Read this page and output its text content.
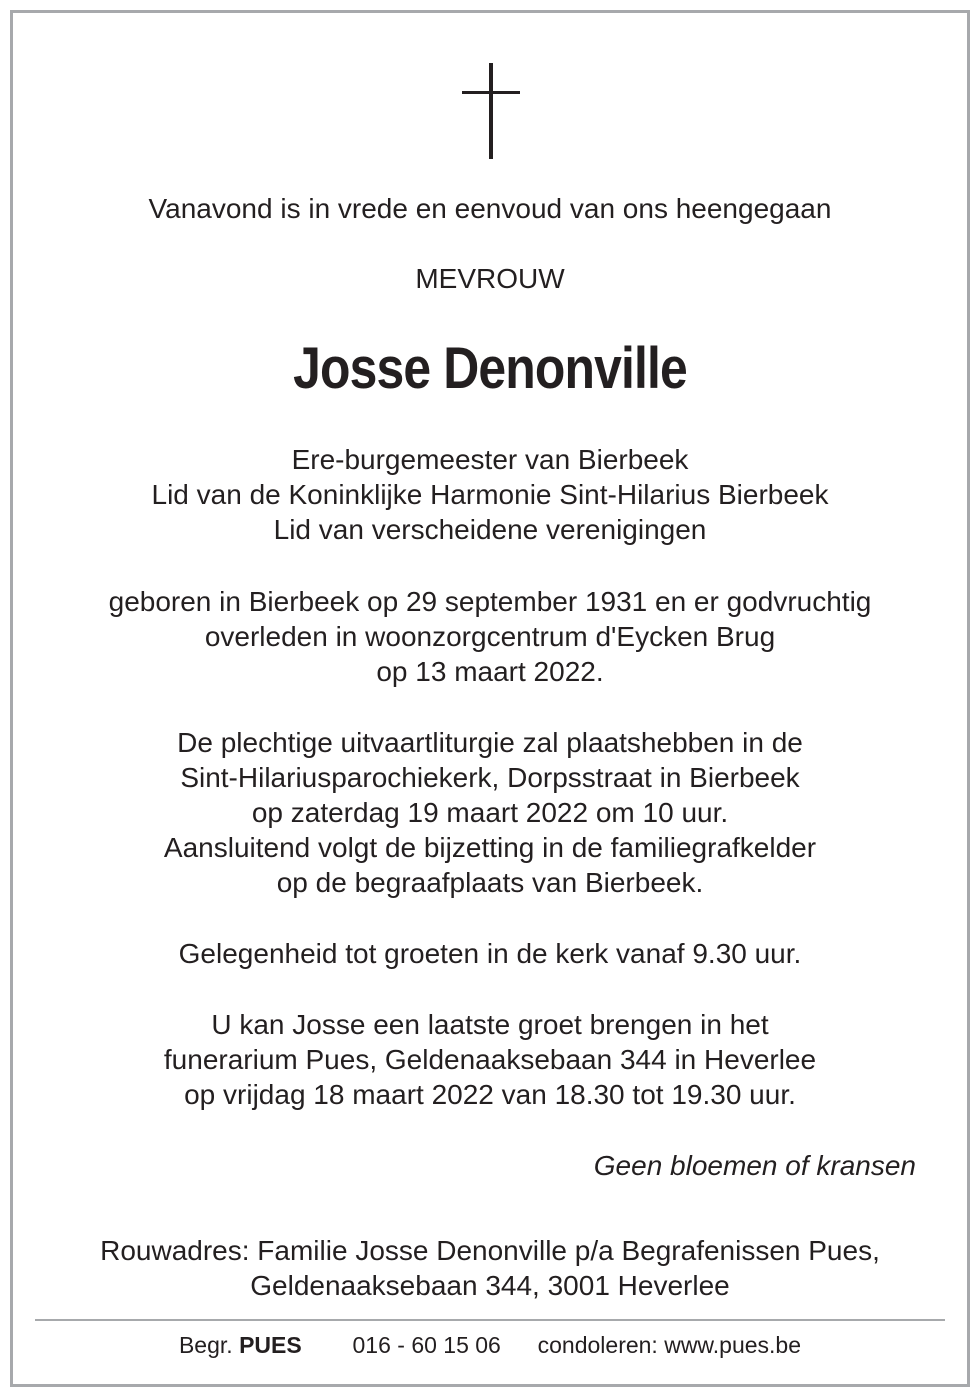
Vanavond is in vrede en eenvoud van ons heengegaan
MEVROUW
Josse Denonville
Ere-burgemeester van Bierbeek
Lid van de Koninklijke Harmonie Sint-Hilarius Bierbeek
Lid van verscheidene verenigingen
geboren in Bierbeek op 29 september 1931 en er godvruchtig
overleden in woonzorgcentrum d'Eycken Brug
op 13 maart 2022.
De plechtige uitvaartliturgie zal plaatshebben in de
Sint-Hilariusparochiekerk, Dorpsstraat in Bierbeek
op zaterdag 19 maart 2022 om 10 uur.
Aansluitend volgt de bijzetting in de familiegrafkelder
op de begraafplaats van Bierbeek.
Gelegenheid tot groeten in de kerk vanaf 9.30 uur.
U kan Josse een laatste groet brengen in het
funerarium Pues, Geldenaaksebaan 344 in Heverlee
op vrijdag 18 maart 2022 van 18.30 tot 19.30 uur.
Geen bloemen of kransen
Rouwadres: Familie Josse Denonville p/a Begrafenissen Pues,
Geldenaaksebaan 344, 3001 Heverlee
Begr. PUES 016 - 60 15 06 condoleren: www.pues.be
